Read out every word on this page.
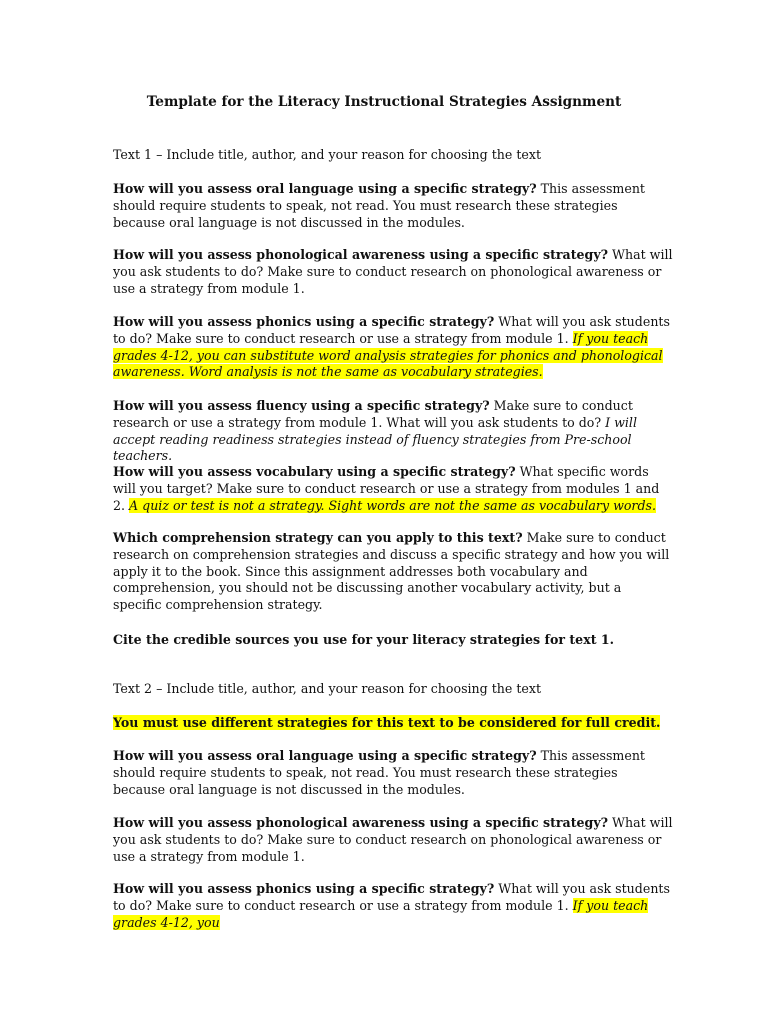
Template for the Literacy Instructional Strategies Assignment

Text 1 – Include title, author, and your reason for choosing the text

How will you assess oral language using a specific strategy? This assessment should require students to speak, not read. You must research these strategies because oral language is not discussed in the modules.

How will you assess phonological awareness using a specific strategy? What will you ask students to do? Make sure to conduct research on phonological awareness or use a strategy from module 1.

How will you assess phonics using a specific strategy? What will you ask students to do? Make sure to conduct research or use a strategy from module 1. If you teach grades 4-12, you can substitute word analysis strategies for phonics and phonological awareness. Word analysis is not the same as vocabulary strategies.

How will you assess fluency using a specific strategy? Make sure to conduct research or use a strategy from module 1. What will you ask students to do? I will accept reading readiness strategies instead of fluency strategies from Pre-school teachers.

How will you assess vocabulary using a specific strategy? What specific words will you target? Make sure to conduct research or use a strategy from modules 1 and 2. A quiz or test is not a strategy. Sight words are not the same as vocabulary words.

Which comprehension strategy can you apply to this text? Make sure to conduct research on comprehension strategies and discuss a specific strategy and how you will apply it to the book. Since this assignment addresses both vocabulary and comprehension, you should not be discussing another vocabulary activity, but a specific comprehension strategy.

Cite the credible sources you use for your literacy strategies for text 1.

Text 2 – Include title, author, and your reason for choosing the text

You must use different strategies for this text to be considered for full credit.

How will you assess oral language using a specific strategy? This assessment should require students to speak, not read. You must research these strategies because oral language is not discussed in the modules.

How will you assess phonological awareness using a specific strategy? What will you ask students to do? Make sure to conduct research on phonological awareness or use a strategy from module 1.

How will you assess phonics using a specific strategy? What will you ask students to do? Make sure to conduct research or use a strategy from module 1. If you teach grades 4-12, you
